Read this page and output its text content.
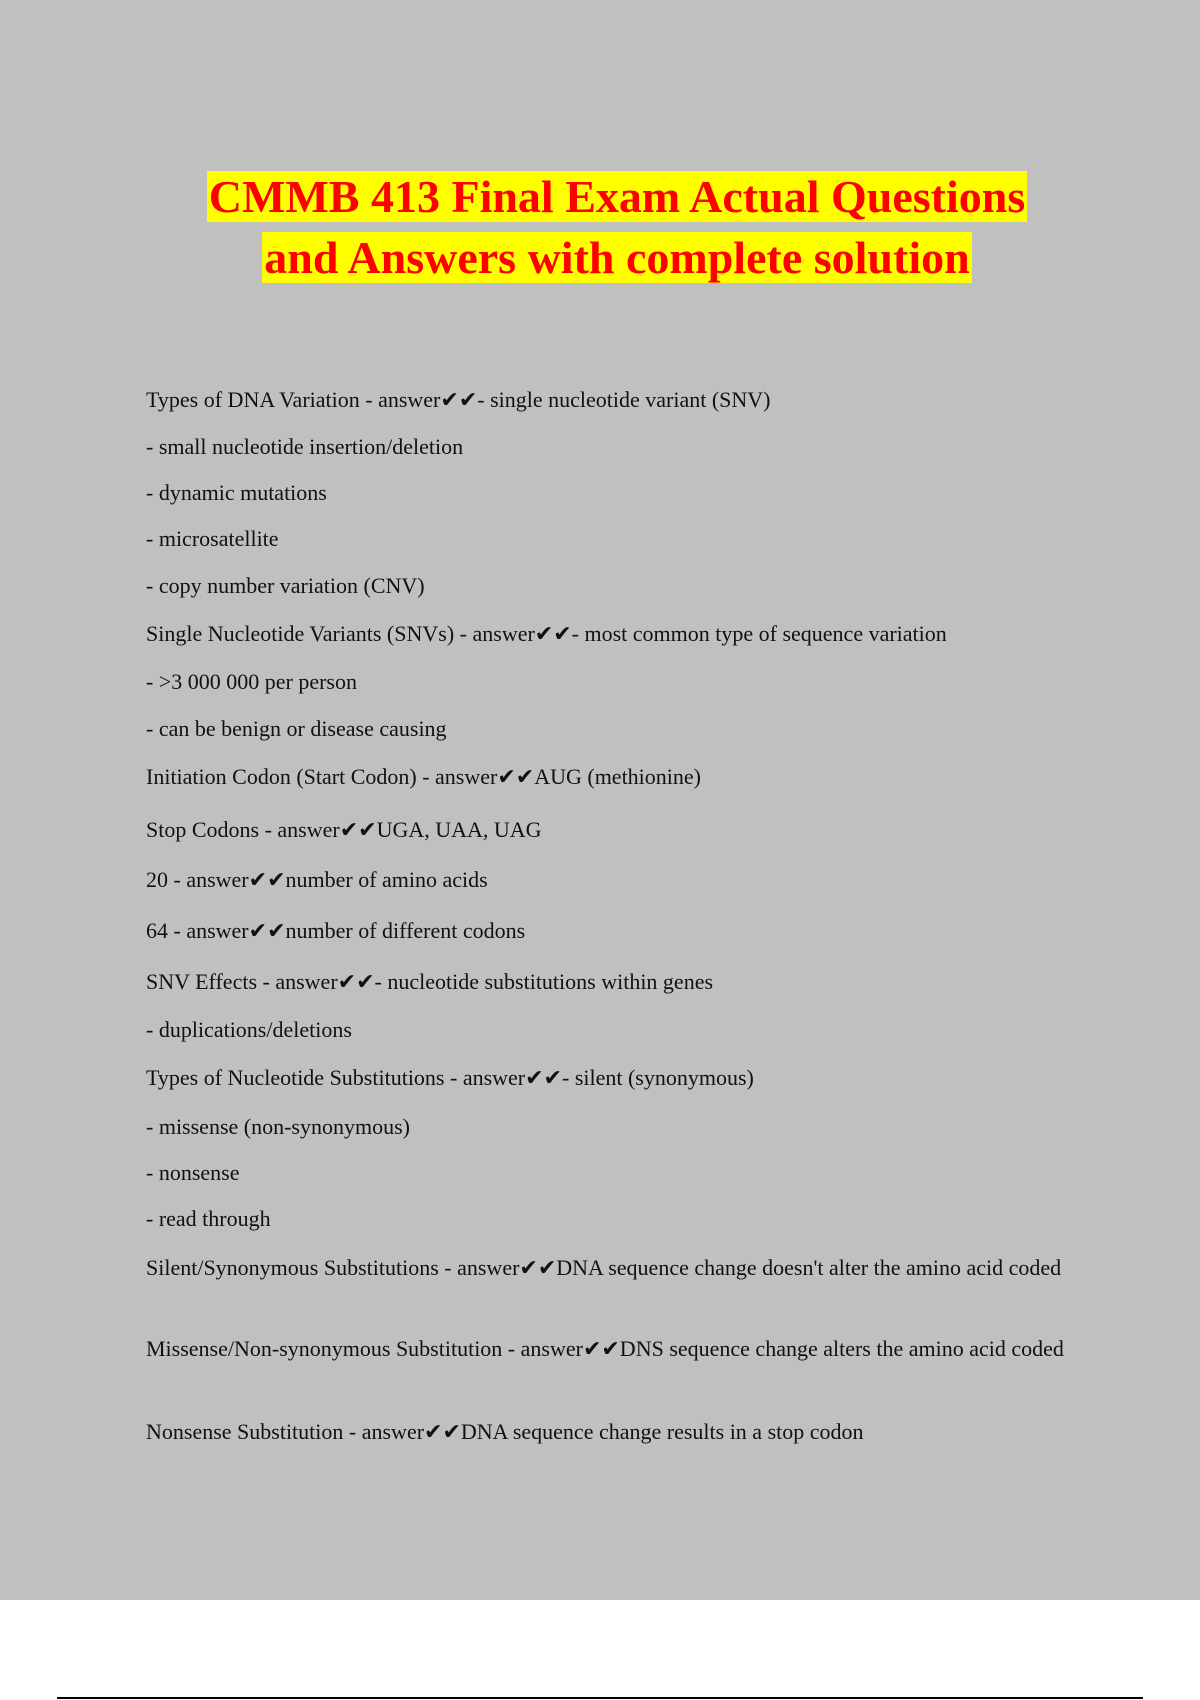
CMMB 413 Final Exam Actual Questions
and Answers with complete solution
Types of DNA Variation - answer✔✔- single nucleotide variant (SNV)
- small nucleotide insertion/deletion
- dynamic mutations
- microsatellite
- copy number variation (CNV)
Single Nucleotide Variants (SNVs) - answer✔✔- most common type of sequence variation
- >3 000 000 per person
- can be benign or disease causing
Initiation Codon (Start Codon) - answer✔✔AUG (methionine)
Stop Codons - answer✔✔UGA, UAA, UAG
20 - answer✔✔number of amino acids
64 - answer✔✔number of different codons
SNV Effects - answer✔✔- nucleotide substitutions within genes
- duplications/deletions
Types of Nucleotide Substitutions - answer✔✔- silent (synonymous)
- missense (non-synonymous)
- nonsense
- read through
Silent/Synonymous Substitutions - answer✔✔DNA sequence change doesn't alter the amino acid coded
Missense/Non-synonymous Substitution - answer✔✔DNS sequence change alters the amino acid coded
Nonsense Substitution - answer✔✔DNA sequence change results in a stop codon
